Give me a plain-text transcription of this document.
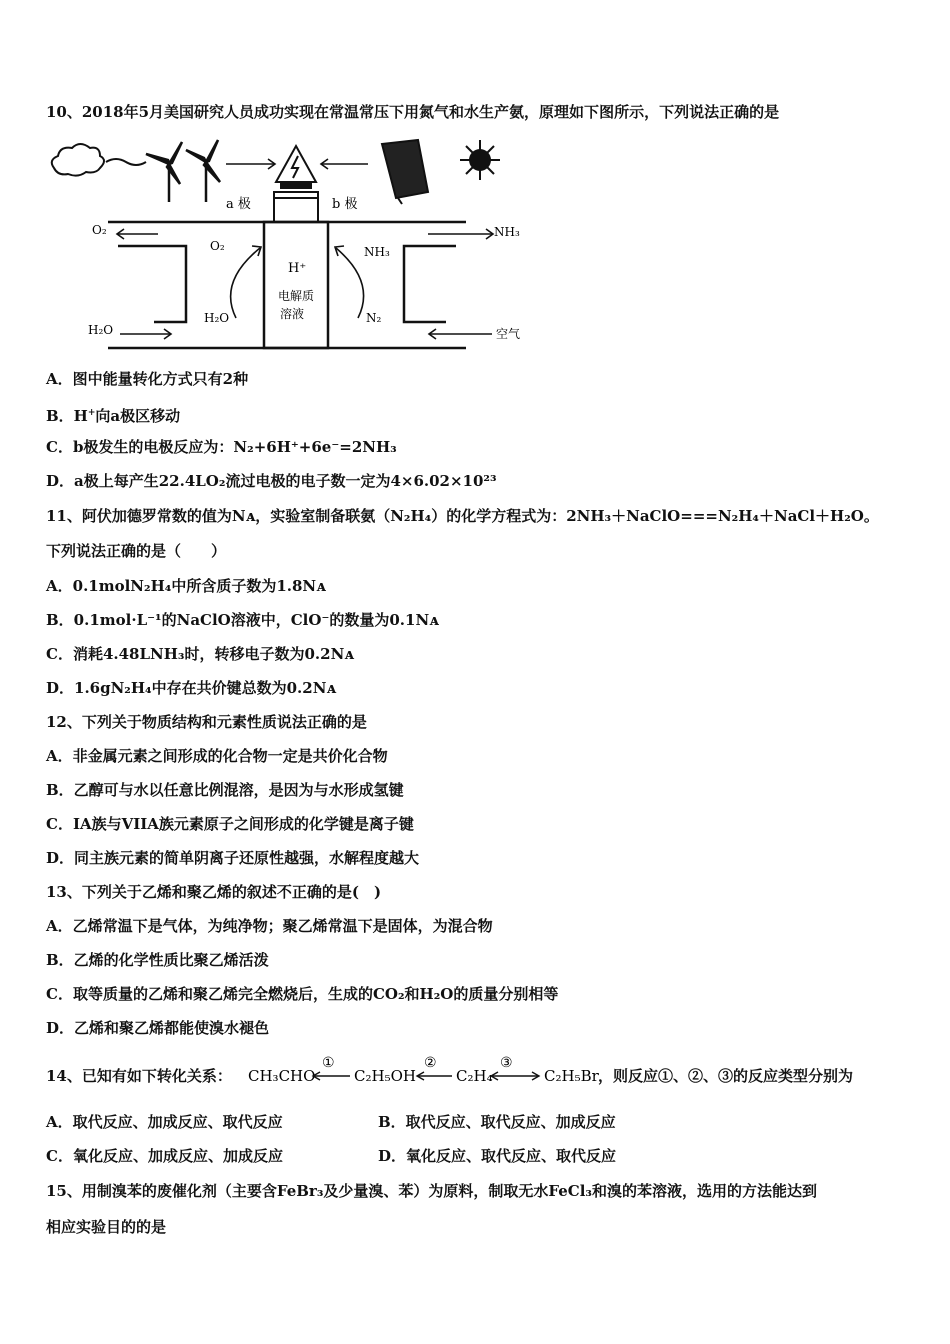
10、2018年5月美国研究人员成功实现在常温常压下用氮气和水生产氨，原理如下图所示，下列说法正确的是
a 极	b 极
O₂	NH₃
O₂	NH₃
H₂O
H₂O	N₂
空气
H⁺
电解质
溶液
A．图中能量转化方式只有2种
B．H+向a极区移动
C．b极发生的电极反应为：N₂+6H⁺+6e⁻=2NH₃
D．a极上每产生22.4LO₂流过电极的电子数一定为4×6.02×10²³
11、阿伏加德罗常数的值为Nᴀ，实验室制备联氨（N₂H₄）的化学方程式为：2NH₃＋NaClO===N₂H₄＋NaCl＋H₂O。
下列说法正确的是（　　）
A．0.1molN₂H₄中所含质子数为1.8Nᴀ
B．0.1mol·L⁻¹的NaClO溶液中，ClO⁻的数量为0.1Nᴀ
C．消耗4.48LNH₃时，转移电子数为0.2Nᴀ
D．1.6gN₂H₄中存在共价键总数为0.2Nᴀ
12、下列关于物质结构和元素性质说法正确的是
A．非金属元素之间形成的化合物一定是共价化合物
B．乙醇可与水以任意比例混溶，是因为与水形成氢键
C．IA族与VIIA族元素原子之间形成的化学键是离子键
D．同主族元素的简单阴离子还原性越强，水解程度越大
13、下列关于乙烯和聚乙烯的叙述不正确的是(　)
A．乙烯常温下是气体，为纯净物；聚乙烯常温下是固体，为混合物
B．乙烯的化学性质比聚乙烯活泼
C．取等质量的乙烯和聚乙烯完全燃烧后，生成的CO₂和H₂O的质量分别相等
D．乙烯和聚乙烯都能使溴水褪色
14、已知有如下转化关系： CH₃CHO	C₂H₅OH	C₂H₄	C₂H₅Br
①	②	③
，则反应①、②、③的反应类型分别为
A．取代反应、加成反应、取代反应	B．取代反应、取代反应、加成反应
C．氧化反应、加成反应、加成反应	D．氧化反应、取代反应、取代反应
15、用制溴苯的废催化剂（主要含FeBr₃及少量溴、苯）为原料，制取无水FeCl₃和溴的苯溶液，选用的方法能达到
相应实验目的的是
